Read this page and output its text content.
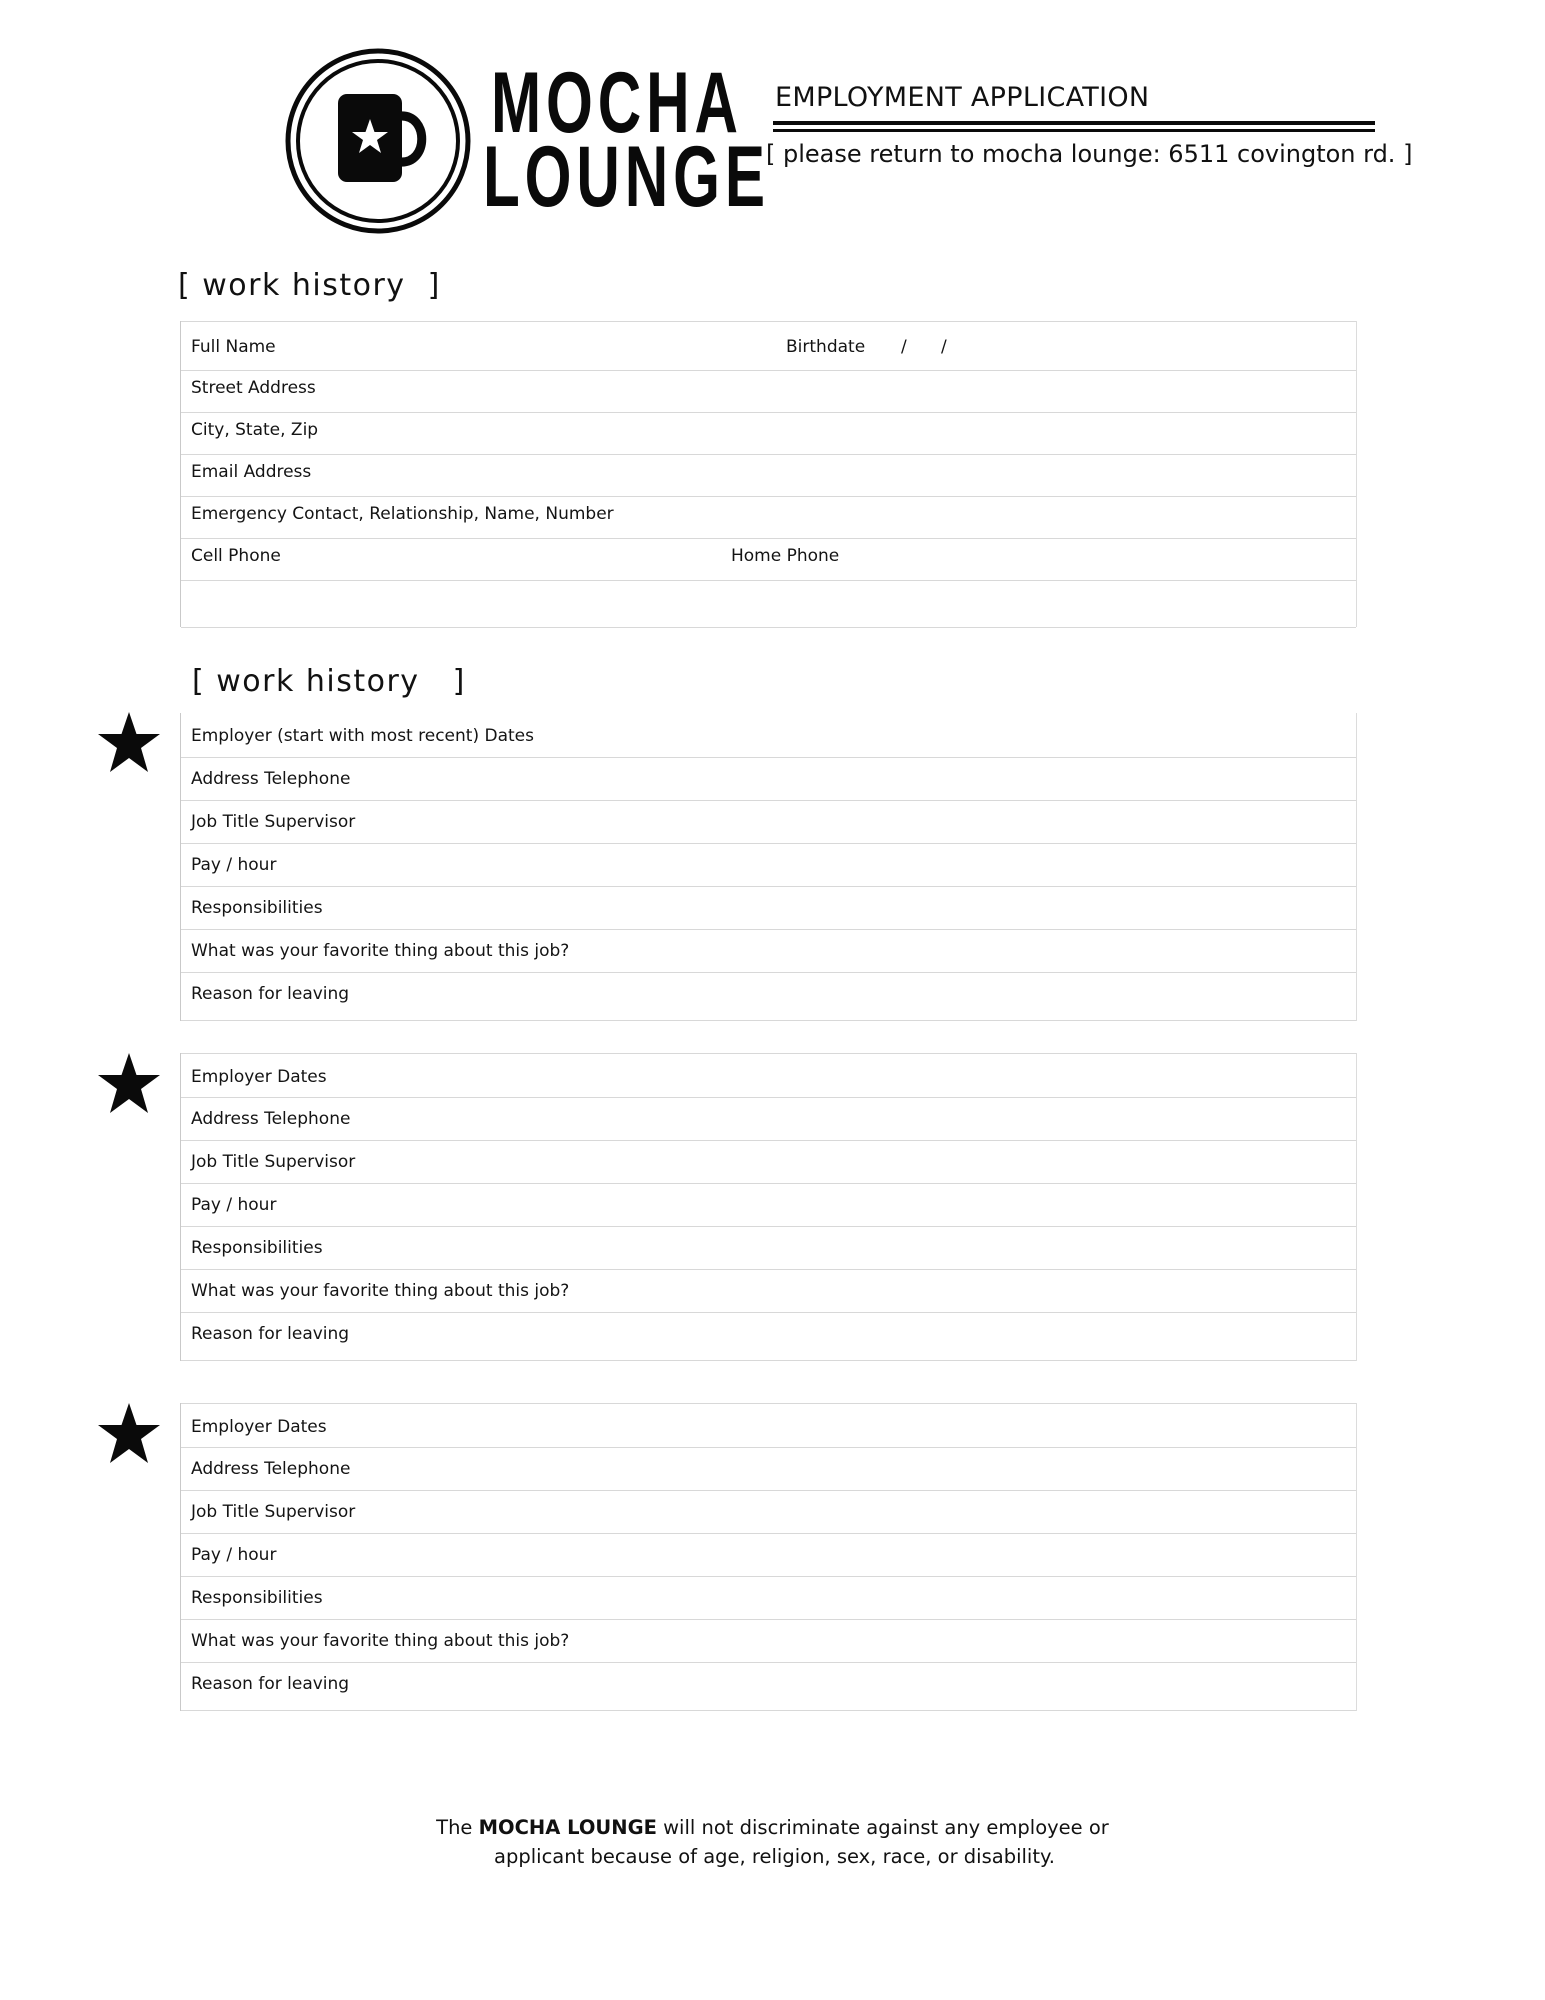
MOCHA
LOUNGE
EMPLOYMENT APPLICATION
[ please return to mocha lounge: 6511 covington rd. ]
[ work history  ]
Full Name	Birthdate / /
Street Address
City, State, Zip
Email Address
Emergency Contact, Relationship, Name, Number
Cell Phone	Home Phone
[ work history   ]
Employer (start with most recent) Dates
Address Telephone
Job Title Supervisor
Pay / hour
Responsibilities
What was your favorite thing about this job?
Reason for leaving
Employer Dates
Address Telephone
Job Title Supervisor
Pay / hour
Responsibilities
What was your favorite thing about this job?
Reason for leaving
Employer Dates
Address Telephone
Job Title Supervisor
Pay / hour
Responsibilities
What was your favorite thing about this job?
Reason for leaving
The MOCHA LOUNGE will not discriminate against any employee or
applicant because of age, religion, sex, race, or disability.
